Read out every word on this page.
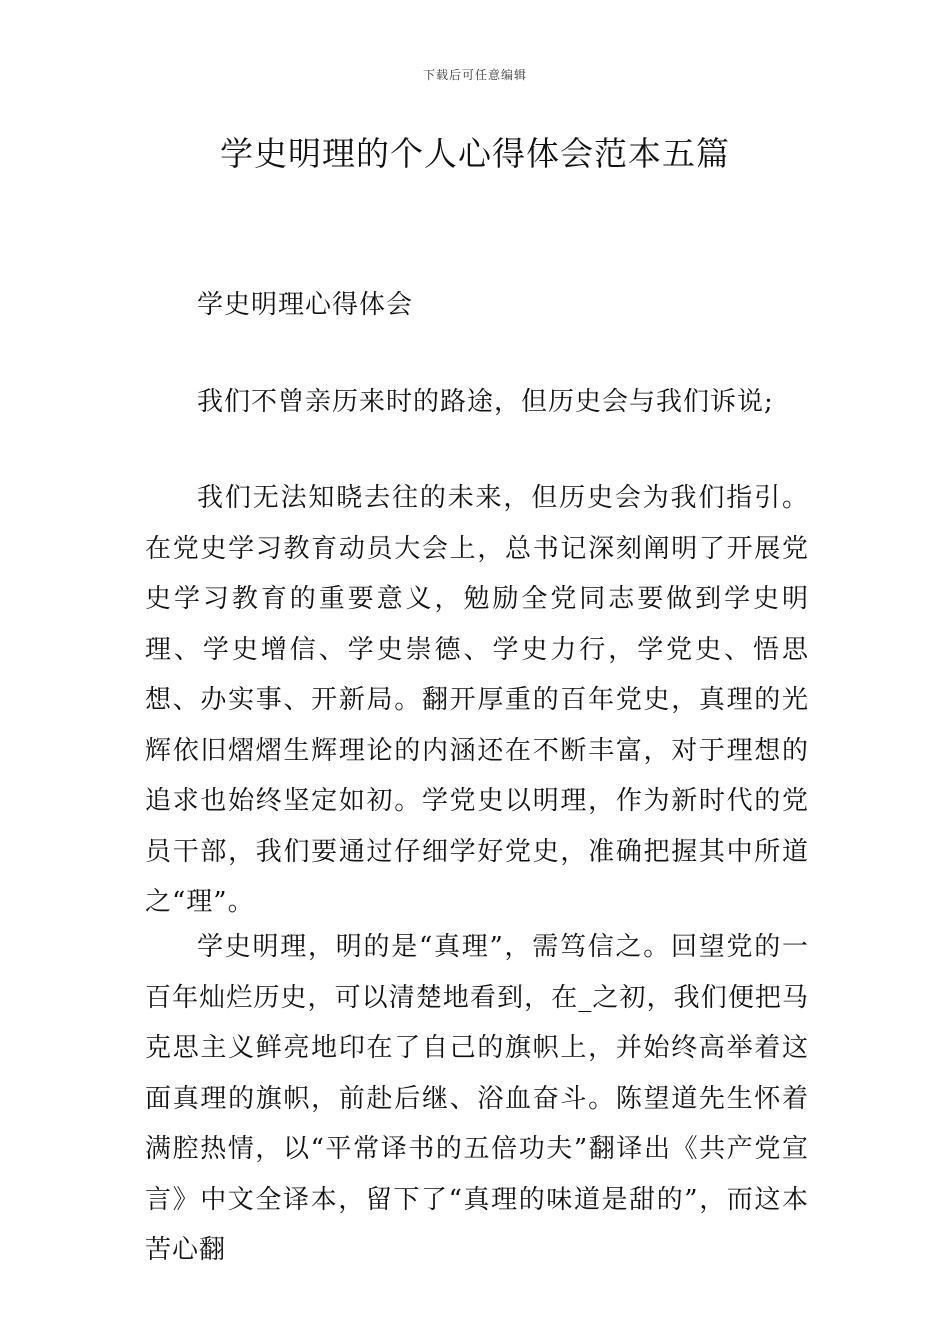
下载后可任意编辑
学史明理的个人心得体会范本五篇

学史明理心得体会

我们不曾亲历来时的路途，但历史会与我们诉说;

我们无法知晓去往的未来，但历史会为我们指引。在党史学习教育动员大会上，总书记深刻阐明了开展党史学习教育的重要意义，勉励全党同志要做到学史明理、学史增信、学史崇德、学史力行，学党史、悟思想、办实事、开新局。翻开厚重的百年党史，真理的光辉依旧熠熠生辉理论的内涵还在不断丰富，对于理想的追求也始终坚定如初。学党史以明理，作为新时代的党员干部，我们要通过仔细学好党史，准确把握其中所道之“理”。

学史明理，明的是“真理”，需笃信之。回望党的一百年灿烂历史，可以清楚地看到，在_之初，我们便把马克思主义鲜亮地印在了自己的旗帜上，并始终高举着这面真理的旗帜，前赴后继、浴血奋斗。陈望道先生怀着满腔热情，以“平常译书的五倍功夫”翻译出《共产党宣言》中文全译本，留下了“真理的味道是甜的”，而这本苦心翻
